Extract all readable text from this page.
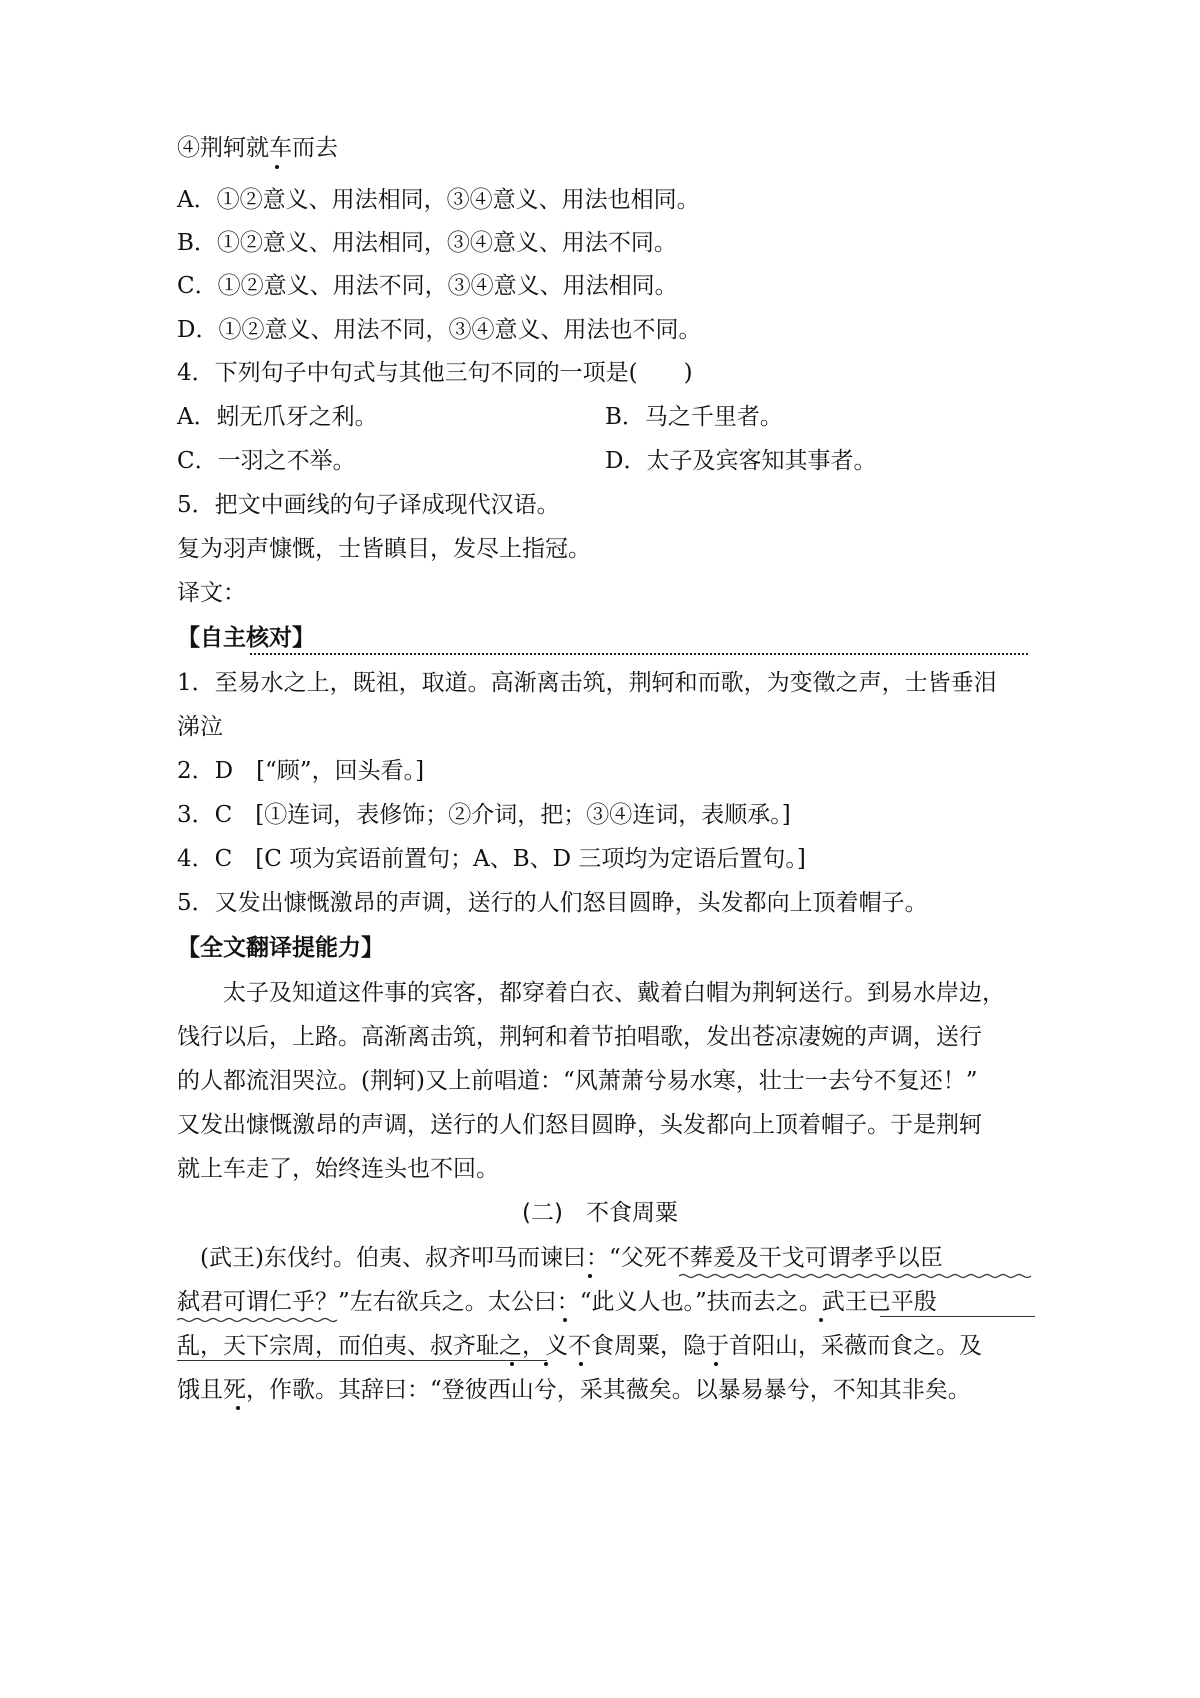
④荆轲就车而去
A．①②意义、用法相同，③④意义、用法也相同。
B．①②意义、用法相同，③④意义、用法不同。
C．①②意义、用法不同，③④意义、用法相同。
D．①②意义、用法不同，③④意义、用法也不同。
4．下列句子中句式与其他三句不同的一项是(　　)
A．蚓无爪牙之利。	B．马之千里者。
C．一羽之不举。	D．太子及宾客知其事者。
5．把文中画线的句子译成现代汉语。
复为羽声慷慨，士皆瞋目，发尽上指冠。
译文：
【自主核对】
1．至易水之上，既祖，取道。高渐离击筑，荆轲和而歌，为变徵之声，士皆垂泪
涕泣
2．D　[“顾”，回头看。]
3．C　[①连词，表修饰；②介词，把；③④连词，表顺承。]
4．C　[C 项为宾语前置句；A、B、D 三项均为定语后置句。]
5．又发出慷慨激昂的声调，送行的人们怒目圆睁，头发都向上顶着帽子。
【全文翻译提能力】
　　太子及知道这件事的宾客，都穿着白衣、戴着白帽为荆轲送行。到易水岸边，
饯行以后，上路。高渐离击筑，荆轲和着节拍唱歌，发出苍凉凄婉的声调，送行
的人都流泪哭泣。(荆轲)又上前唱道：“风萧萧兮易水寒，壮士一去兮不复还！”
又发出慷慨激昂的声调，送行的人们怒目圆睁，头发都向上顶着帽子。于是荆轲
就上车走了，始终连头也不回。
(二)　不食周粟
　(武王)东伐纣。伯夷、叔齐叩马而谏曰：“父死不葬爰及干戈可谓孝乎以臣
弑君可谓仁乎？”左右欲兵之。太公曰：“此义人也。”扶而去之。武王已平殷
乱，天下宗周，而伯夷、叔齐耻之，义不食周粟，隐于首阳山，采薇而食之。及
饿且死，作歌。其辞曰：“登彼西山兮，采其薇矣。以暴易暴兮，不知其非矣。
